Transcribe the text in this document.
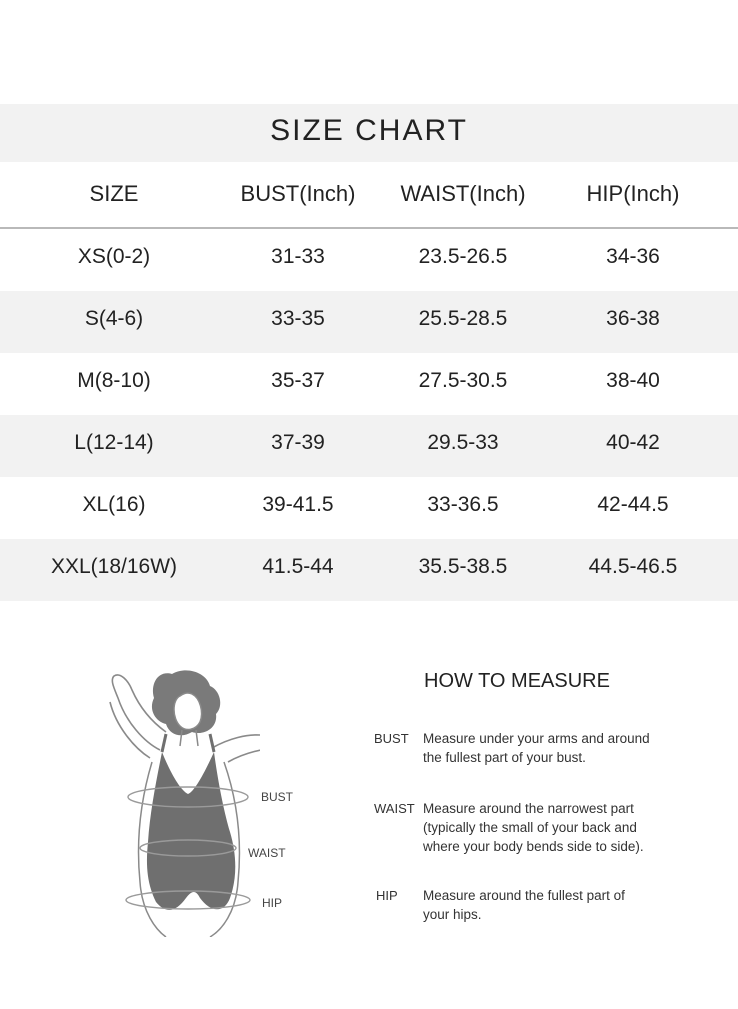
SIZE CHART
SIZE	BUST(Inch)	WAIST(Inch)	HIP(Inch)
XS(0-2)	31-33	23.5-26.5	34-36
S(4-6)	33-35	25.5-28.5	36-38
M(8-10)	35-37	27.5-30.5	38-40
L(12-14)	37-39	29.5-33	40-42
XL(16)	39-41.5	33-36.5	42-44.5
XXL(18/16W)	41.5-44	35.5-38.5	44.5-46.5
BUST
WAIST
HIP
HOW TO MEASURE
BUST Measure under your arms and around
the fullest part of your bust.
WAIST Measure around the narrowest part
(typically the small of your back and
where your body bends side to side).
HIP Measure around the fullest part of
your hips.
